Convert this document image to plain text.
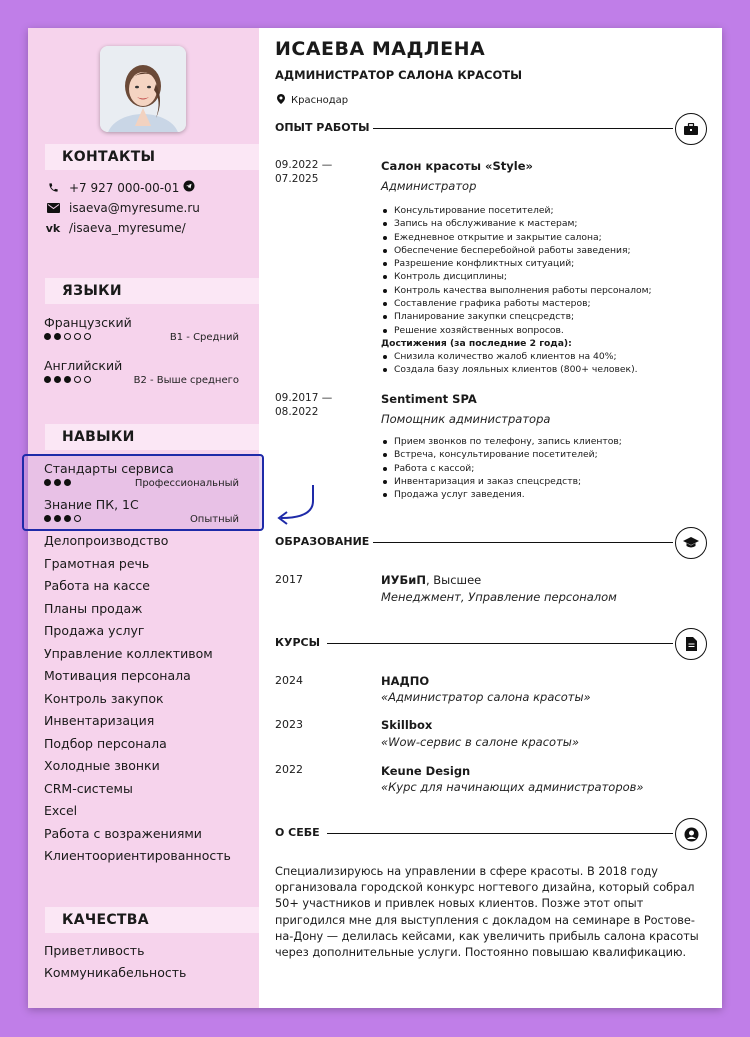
КОНТАКТЫ
+7 927 000-00-01
isaeva@myresume.ru
vk /isaeva_myresume/
ЯЗЫКИ
Французский
B1 - Средний
Английский
B2 - Выше среднего
НАВЫКИ
Стандарты сервиса
Профессиональный
Знание ПК, 1С
Опытный
Делопроизводство
Грамотная речь
Работа на кассе
Планы продаж
Продажа услуг
Управление коллективом
Мотивация персонала
Контроль закупок
Инвентаризация
Подбор персонала
Холодные звонки
CRM-системы
Excel
Работа с возражениями
Клиентоориентированность
КАЧЕСТВА
Приветливость
Коммуникабельность
ИСАЕВА МАДЛЕНА
АДМИНИСТРАТОР САЛОНА КРАСОТЫ
Краснодар
ОПЫТ РАБОТЫ
09.2022 —
07.2025
Салон красоты «Style»
Администратор
Консультирование посетителей;
Запись на обслуживание к мастерам;
Ежедневное открытие и закрытие салона;
Обеспечение бесперебойной работы заведения;
Разрешение конфликтных ситуаций;
Контроль дисциплины;
Контроль качества выполнения работы персоналом;
Составление графика работы мастеров;
Планирование закупки спецсредств;
Решение хозяйственных вопросов.
Достижения (за последние 2 года):
Снизила количество жалоб клиентов на 40%;
Создала базу лояльных клиентов (800+ человек).
09.2017 —
08.2022
Sentiment SPA
Помощник администратора
Прием звонков по телефону, запись клиентов;
Встреча, консультирование посетителей;
Работа с кассой;
Инвентаризация и заказ спецсредств;
Продажа услуг заведения.
ОБРАЗОВАНИЕ
2017	ИУБиП, Высшее
Менеджмент, Управление персоналом
КУРСЫ
2024	НАДПО
«Администратор салона красоты»
2023	Skillbox
«Wow-сервис в салоне красоты»
2022	Keune Design
«Курс для начинающих администраторов»
О СЕБЕ
Специализируюсь на управлении в сфере красоты. В 2018 году организовала городской конкурс ногтевого дизайна, который собрал 50+ участников и привлек новых клиентов. Позже этот опыт пригодился мне для выступления с докладом на семинаре в Ростове-на-Дону — делилась кейсами, как увеличить прибыль салона красоты через дополнительные услуги. Постоянно повышаю квалификацию.
